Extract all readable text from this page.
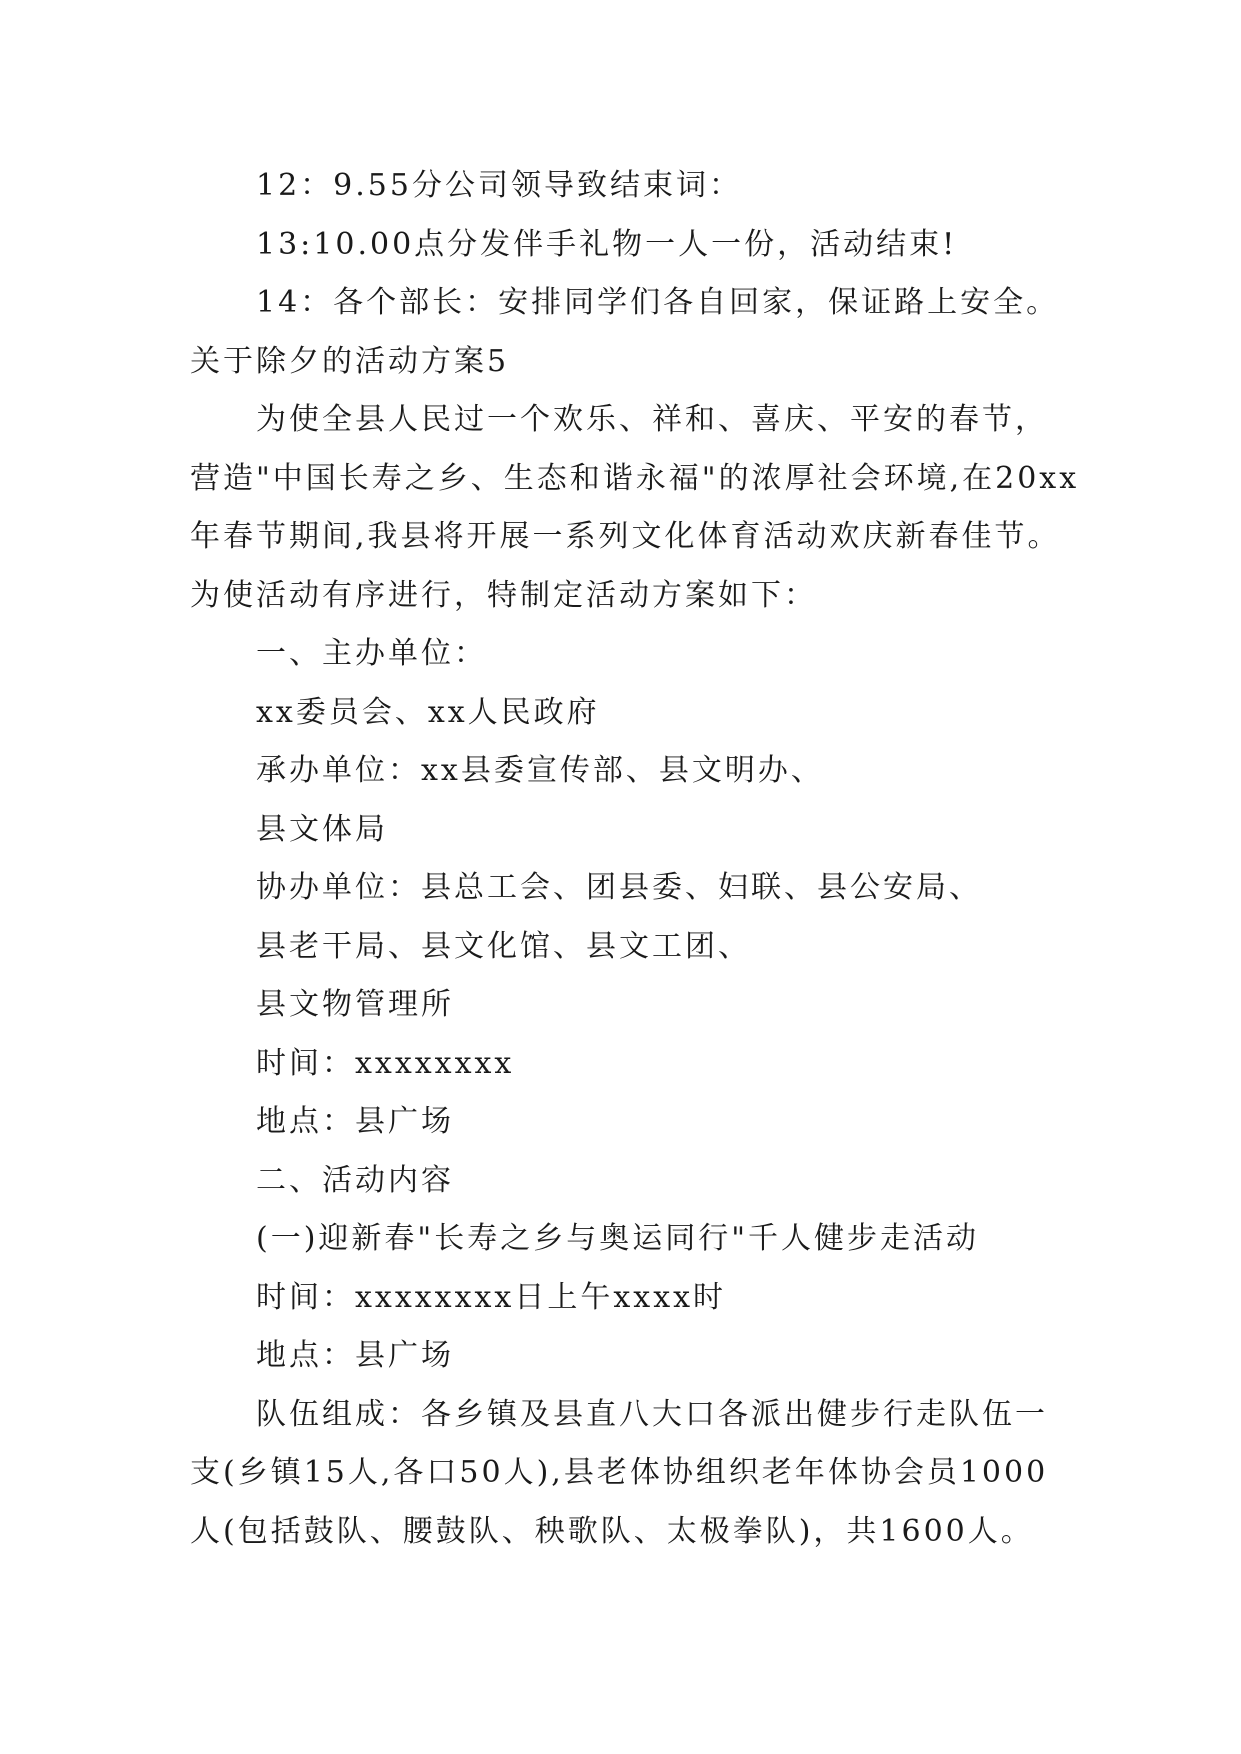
12：9.55分公司领导致结束词：
13:10.00点分发伴手礼物一人一份，活动结束!
14：各个部长：安排同学们各自回家，保证路上安全。
关于除夕的活动方案5
为使全县人民过一个欢乐、祥和、喜庆、平安的春节，
营造"中国长寿之乡、生态和谐永福"的浓厚社会环境,在20xx
年春节期间,我县将开展一系列文化体育活动欢庆新春佳节。
为使活动有序进行，特制定活动方案如下：
一、主办单位：
xx委员会、xx人民政府
承办单位：xx县委宣传部、县文明办、
县文体局
协办单位：县总工会、团县委、妇联、县公安局、
县老干局、县文化馆、县文工团、
县文物管理所
时间：xxxxxxxx
地点：县广场
二、活动内容
(一)迎新春"长寿之乡与奥运同行"千人健步走活动
时间：xxxxxxxx日上午xxxx时
地点：县广场
队伍组成：各乡镇及县直八大口各派出健步行走队伍一
支(乡镇15人,各口50人),县老体协组织老年体协会员1000
人(包括鼓队、腰鼓队、秧歌队、太极拳队)，共1600人。
